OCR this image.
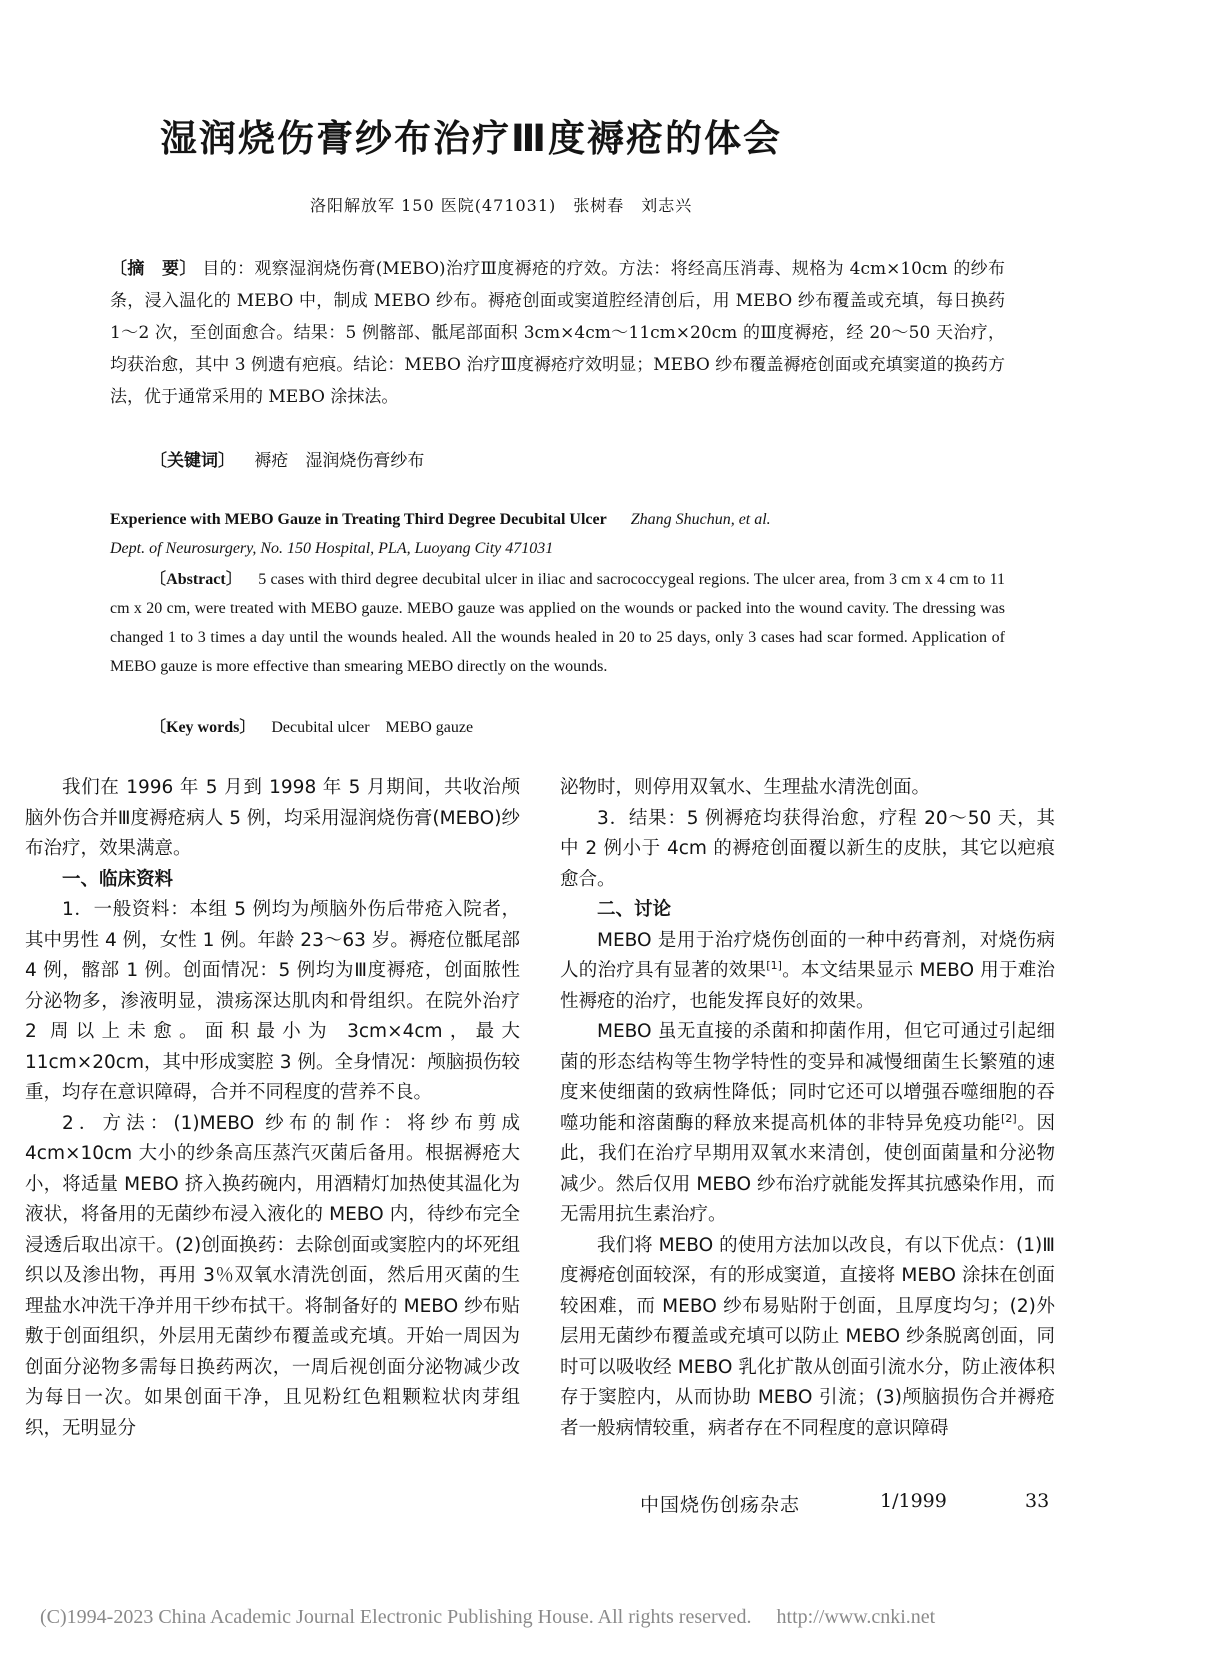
湿润烧伤膏纱布治疗Ⅲ度褥疮的体会
洛阳解放军 150 医院(471031)　张树春　刘志兴
〔摘　要〕 目的：观察湿润烧伤膏(MEBO)治疗Ⅲ度褥疮的疗效。方法：将经高压消毒、规格为 4cm×10cm 的纱布条，浸入温化的 MEBO 中，制成 MEBO 纱布。褥疮创面或窦道腔经清创后，用 MEBO 纱布覆盖或充填，每日换药 1～2 次，至创面愈合。结果：5 例髂部、骶尾部面积 3cm×4cm～11cm×20cm 的Ⅲ度褥疮，经 20～50 天治疗，均获治愈，其中 3 例遗有疤痕。结论：MEBO 治疗Ⅲ度褥疮疗效明显；MEBO 纱布覆盖褥疮创面或充填窦道的换药方法，优于通常采用的 MEBO 涂抹法。
〔关键词〕 褥疮　湿润烧伤膏纱布
Experience with MEBO Gauze in Treating Third Degree Decubital Ulcer Zhang Shuchun, et al.
Dept. of Neurosurgery, No. 150 Hospital, PLA, Luoyang City 471031
〔Abstract〕 5 cases with third degree decubital ulcer in iliac and sacrococcygeal regions. The ulcer area, from 3 cm x 4 cm to 11 cm x 20 cm, were treated with MEBO gauze. MEBO gauze was applied on the wounds or packed into the wound cavity. The dressing was changed 1 to 3 times a day until the wounds healed. All the wounds healed in 20 to 25 days, only 3 cases had scar formed. Application of MEBO gauze is more effective than smearing MEBO directly on the wounds.
〔Key words〕 Decubital ulcer　MEBO gauze

我们在 1996 年 5 月到 1998 年 5 月期间，共收治颅脑外伤合并Ⅲ度褥疮病人 5 例，均采用湿润烧伤膏(MEBO)纱布治疗，效果满意。

一、临床资料

1．一般资料：本组 5 例均为颅脑外伤后带疮入院者，其中男性 4 例，女性 1 例。年龄 23～63 岁。褥疮位骶尾部 4 例，髂部 1 例。创面情况：5 例均为Ⅲ度褥疮，创面脓性分泌物多，渗液明显，溃疡深达肌肉和骨组织。在院外治疗 2 周以上未愈。面积最小为 3cm×4cm，最大 11cm×20cm，其中形成窦腔 3 例。全身情况：颅脑损伤较重，均存在意识障碍，合并不同程度的营养不良。

2．方法：(1)MEBO 纱布的制作：将纱布剪成 4cm×10cm 大小的纱条高压蒸汽灭菌后备用。根据褥疮大小，将适量 MEBO 挤入换药碗内，用酒精灯加热使其温化为液状，将备用的无菌纱布浸入液化的 MEBO 内，待纱布完全浸透后取出凉干。(2)创面换药：去除创面或窦腔内的坏死组织以及渗出物，再用 3％双氧水清洗创面，然后用灭菌的生理盐水冲洗干净并用干纱布拭干。将制备好的 MEBO 纱布贴敷于创面组织，外层用无菌纱布覆盖或充填。开始一周因为创面分泌物多需每日换药两次，一周后视创面分泌物减少改为每日一次。如果创面干净，且见粉红色粗颗粒状肉芽组织，无明显分

泌物时，则停用双氧水、生理盐水清洗创面。

3．结果：5 例褥疮均获得治愈，疗程 20～50 天，其中 2 例小于 4cm 的褥疮创面覆以新生的皮肤，其它以疤痕愈合。

二、讨论

MEBO 是用于治疗烧伤创面的一种中药膏剂，对烧伤病人的治疗具有显著的效果[1]。本文结果显示 MEBO 用于难治性褥疮的治疗，也能发挥良好的效果。

MEBO 虽无直接的杀菌和抑菌作用，但它可通过引起细菌的形态结构等生物学特性的变异和减慢细菌生长繁殖的速度来使细菌的致病性降低；同时它还可以增强吞噬细胞的吞噬功能和溶菌酶的释放来提高机体的非特异免疫功能[2]。因此，我们在治疗早期用双氧水来清创，使创面菌量和分泌物减少。然后仅用 MEBO 纱布治疗就能发挥其抗感染作用，而无需用抗生素治疗。

我们将 MEBO 的使用方法加以改良，有以下优点：(1)Ⅲ度褥疮创面较深，有的形成窦道，直接将 MEBO 涂抹在创面较困难，而 MEBO 纱布易贴附于创面，且厚度均匀；(2)外层用无菌纱布覆盖或充填可以防止 MEBO 纱条脱离创面，同时可以吸收经 MEBO 乳化扩散从创面引流水分，防止液体积存于窦腔内，从而协助 MEBO 引流；(3)颅脑损伤合并褥疮者一般病情较重，病者存在不同程度的意识障碍

中国烧伤创疡杂志	1/1999	33
(C)1994-2023 China Academic Journal Electronic Publishing House. All rights reserved.　 http://www.cnki.net
